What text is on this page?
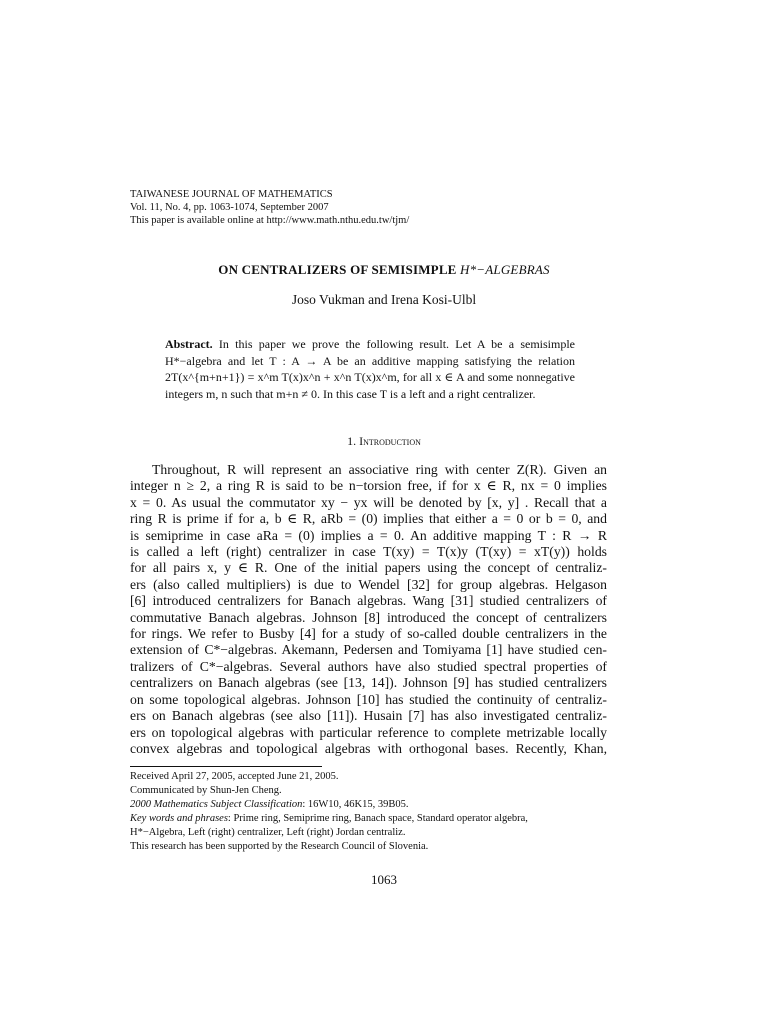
TAIWANESE JOURNAL OF MATHEMATICS
Vol. 11, No. 4, pp. 1063-1074, September 2007
This paper is available online at http://www.math.nthu.edu.tw/tjm/
ON CENTRALIZERS OF SEMISIMPLE H*−ALGEBRAS
Joso Vukman and Irena Kosi-Ulbl
Abstract. In this paper we prove the following result. Let A be a semisimple H*−algebra and let T : A → A be an additive mapping satisfying the relation 2T(x^{m+n+1}) = x^m T(x)x^n + x^n T(x)x^m, for all x ∈ A and some nonnegative integers m, n such that m+n ≠ 0. In this case T is a left and a right centralizer.
1. Introduction
Throughout, R will represent an associative ring with center Z(R). Given an
integer n ≥ 2, a ring R is said to be n−torsion free, if for x ∈ R, nx = 0 implies
x = 0. As usual the commutator xy − yx will be denoted by [x, y] . Recall that a
ring R is prime if for a, b ∈ R, aRb = (0) implies that either a = 0 or b = 0, and
is semiprime in case aRa = (0) implies a = 0. An additive mapping T : R → R
is called a left (right) centralizer in case T(xy) = T(x)y (T(xy) = xT(y)) holds
for all pairs x, y ∈ R. One of the initial papers using the concept of centraliz-
ers (also called multipliers) is due to Wendel [32] for group algebras. Helgason
[6] introduced centralizers for Banach algebras. Wang [31] studied centralizers of
commutative Banach algebras. Johnson [8] introduced the concept of centralizers
for rings. We refer to Busby [4] for a study of so-called double centralizers in the
extension of C*−algebras. Akemann, Pedersen and Tomiyama [1] have studied cen-
tralizers of C*−algebras. Several authors have also studied spectral properties of
centralizers on Banach algebras (see [13, 14]). Johnson [9] has studied centralizers
on some topological algebras. Johnson [10] has studied the continuity of centraliz-
ers on Banach algebras (see also [11]). Husain [7] has also investigated centraliz-
ers on topological algebras with particular reference to complete metrizable locally
convex algebras and topological algebras with orthogonal bases. Recently, Khan,
Received April 27, 2005, accepted June 21, 2005.
Communicated by Shun-Jen Cheng.
2000 Mathematics Subject Classification: 16W10, 46K15, 39B05.
Key words and phrases: Prime ring, Semiprime ring, Banach space, Standard operator algebra,
H*−Algebra, Left (right) centralizer, Left (right) Jordan centraliz.
This research has been supported by the Research Council of Slovenia.
1063
